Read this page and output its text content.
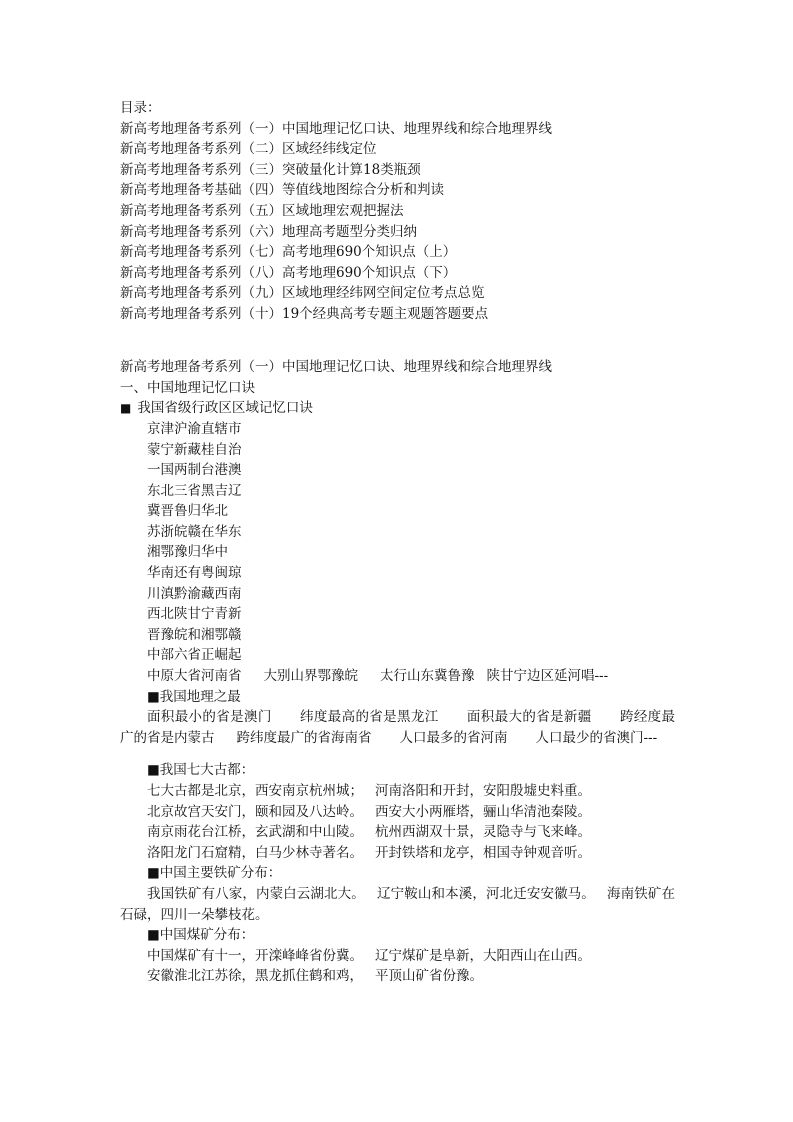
目录：
新高考地理备考系列（一）中国地理记忆口诀、地理界线和综合地理界线
新高考地理备考系列（二）区域经纬线定位
新高考地理备考系列（三）突破量化计算18类瓶颈
新高考地理备考基础（四）等值线地图综合分析和判读
新高考地理备考系列（五）区域地理宏观把握法
新高考地理备考系列（六）地理高考题型分类归纳
新高考地理备考系列（七）高考地理690个知识点（上）
新高考地理备考系列（八）高考地理690个知识点（下）
新高考地理备考系列（九）区域地理经纬网空间定位考点总览
新高考地理备考系列（十）19个经典高考专题主观题答题要点
新高考地理备考系列（一）中国地理记忆口诀、地理界线和综合地理界线
一、中国地理记忆口诀
■ 我国省级行政区区域记忆口诀
京津沪渝直辖市
蒙宁新藏桂自治
一国两制台港澳
东北三省黑吉辽
冀晋鲁归华北
苏浙皖赣在华东
湘鄂豫归华中
华南还有粤闽琼
川滇黔渝藏西南
西北陕甘宁青新
晋豫皖和湘鄂赣
中部六省正崛起
中原大省河南省 大别山界鄂豫皖 太行山东冀鲁豫 陕甘宁边区延河唱---
■我国地理之最
面积最小的省是澳门 纬度最高的省是黑龙江 面积最大的省是新疆 跨经度最广的省是内蒙古 跨纬度最广的省海南省 人口最多的省河南 人口最少的省澳门---
■我国七大古都：
七大古都是北京，西安南京杭州城； 河南洛阳和开封，安阳殷墟史料重。
北京故宫天安门，颐和园及八达岭。 西安大小两雁塔，骊山华清池秦陵。
南京雨花台江桥，玄武湖和中山陵。 杭州西湖双十景，灵隐寺与飞来峰。
洛阳龙门石窟精，白马少林寺著名。 开封铁塔和龙亭，相国寺钟观音听。
■中国主要铁矿分布：
我国铁矿有八家，内蒙白云湖北大。 辽宁鞍山和本溪，河北迁安安徽马。 海南铁矿在石碌，四川一朵攀枝花。
■中国煤矿分布：
中国煤矿有十一，开滦峰峰省份冀。 辽宁煤矿是阜新，大阳西山在山西。
安徽淮北江苏徐，黑龙抓住鹤和鸡， 平顶山矿省份豫。
